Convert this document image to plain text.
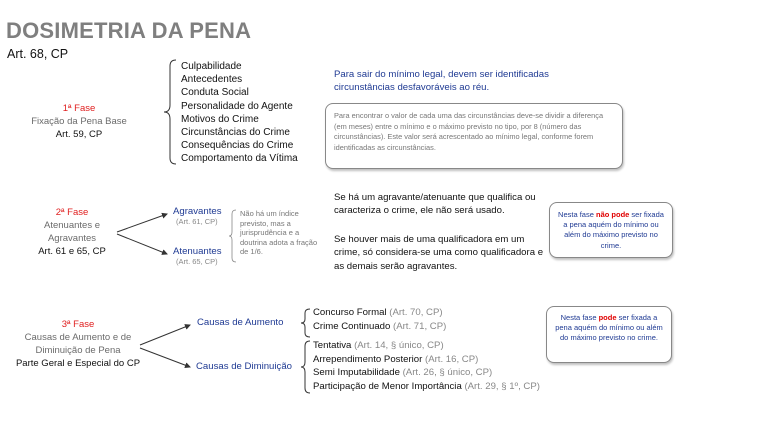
DOSIMETRIA DA PENA
Art. 68, CP
1ª Fase
Fixação da Pena Base
Art. 59, CP
Culpabilidade
Antecedentes
Conduta Social
Personalidade do Agente
Motivos do Crime
Circunstâncias do Crime
Consequências do Crime
Comportamento da Vítima
Para sair do mínimo legal, devem ser identificadas
circunstâncias desfavoráveis ao réu.
Para encontrar o valor de cada uma das circunstâncias deve-se dividir a diferença (em meses) entre o mínimo e o máximo previsto no tipo, por 8 (número das circunstâncias). Este valor será acrescentado ao mínimo legal, conforme forem identificadas as circunstâncias.
2ª Fase
Atenuantes e
Agravantes
Art. 61 e 65, CP
Agravantes
(Art. 61, CP)
Atenuantes
(Art. 65, CP)
Não há um índice previsto, mas a jurisprudência e a doutrina adota a fração de 1/6.
Se há um agravante/atenuante que qualifica ou caracteriza o crime, ele não será usado.
Se houver mais de uma qualificadora em um crime, só considera-se uma como qualificadora e as demais serão agravantes.
Nesta fase não pode ser fixada a pena aquém do mínimo ou além do máximo previsto no crime.
3ª Fase
Causas de Aumento e de
Diminuição de Pena
Parte Geral e Especial do CP
Causas de Aumento
Causas de Diminuição
Concurso Formal (Art. 70, CP)
Crime Continuado (Art. 71, CP)
Tentativa (Art. 14, § único, CP)
Arrependimento Posterior (Art. 16, CP)
Semi Imputabilidade (Art. 26, § único, CP)
Participação de Menor Importância (Art. 29, § 1º, CP)
Nesta fase pode ser fixada a pena aquém do mínimo ou além do máximo previsto no crime.
